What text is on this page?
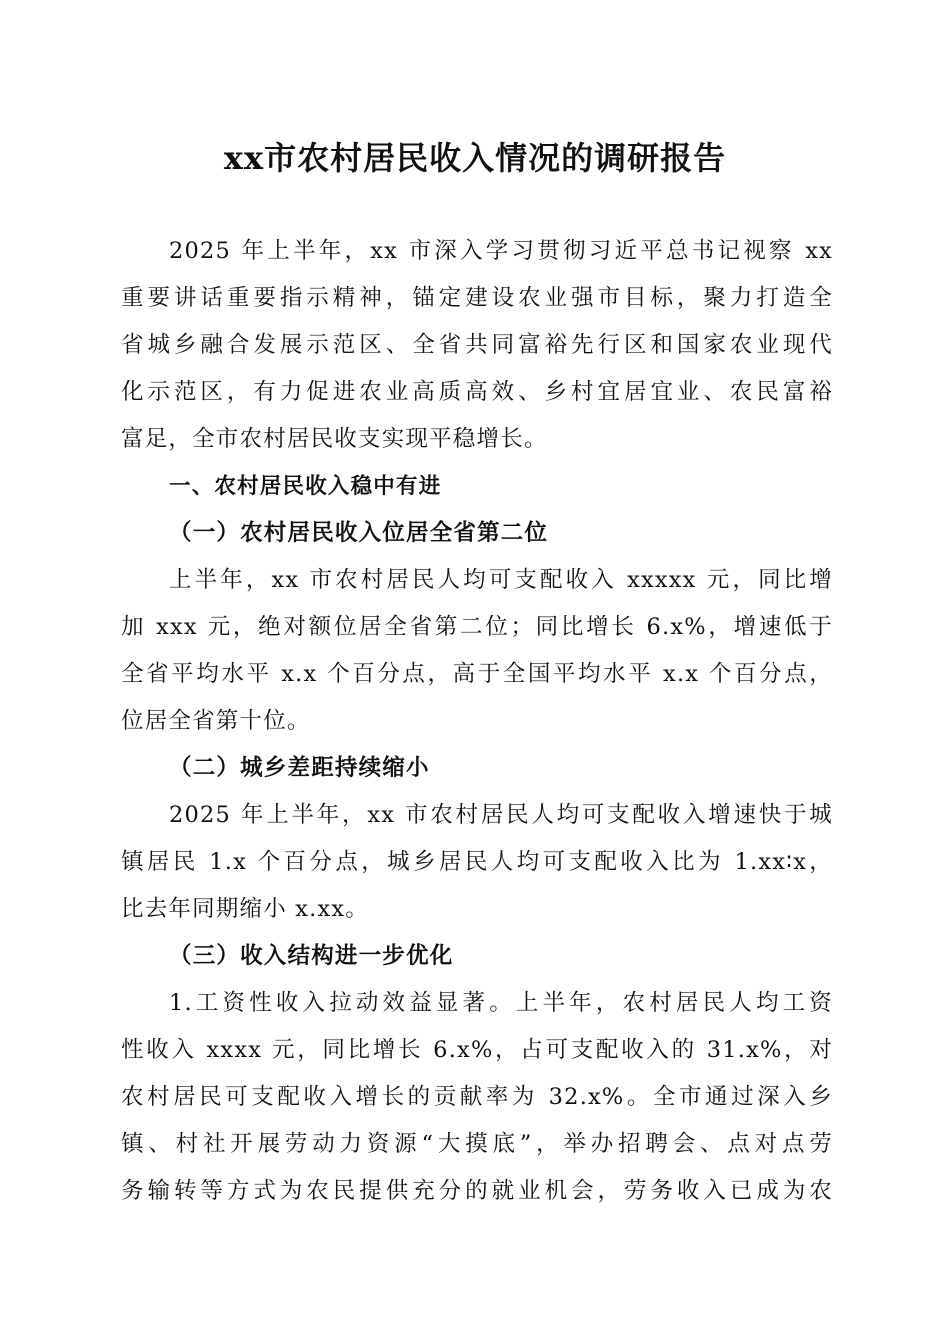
xx市农村居民收入情况的调研报告
2025 年上半年，xx 市深入学习贯彻习近平总书记视察 xx
重要讲话重要指示精神，锚定建设农业强市目标，聚力打造全
省城乡融合发展示范区、全省共同富裕先行区和国家农业现代
化示范区，有力促进农业高质高效、乡村宜居宜业、农民富裕
富足，全市农村居民收支实现平稳增长。
一、农村居民收入稳中有进
（一）农村居民收入位居全省第二位
上半年，xx 市农村居民人均可支配收入 xxxxx 元，同比增
加 xxx 元，绝对额位居全省第二位；同比增长 6.x%，增速低于
全省平均水平 x.x 个百分点，高于全国平均水平 x.x 个百分点，
位居全省第十位。
（二）城乡差距持续缩小
2025 年上半年，xx 市农村居民人均可支配收入增速快于城
镇居民 1.x 个百分点，城乡居民人均可支配收入比为 1.xx∶x，
比去年同期缩小 x.xx。
（三）收入结构进一步优化
1.工资性收入拉动效益显著。上半年，农村居民人均工资
性收入 xxxx 元，同比增长 6.x%，占可支配收入的 31.x%，对
农村居民可支配收入增长的贡献率为 32.x%。全市通过深入乡
镇、村社开展劳动力资源“大摸底”，举办招聘会、点对点劳
务输转等方式为农民提供充分的就业机会，劳务收入已成为农
